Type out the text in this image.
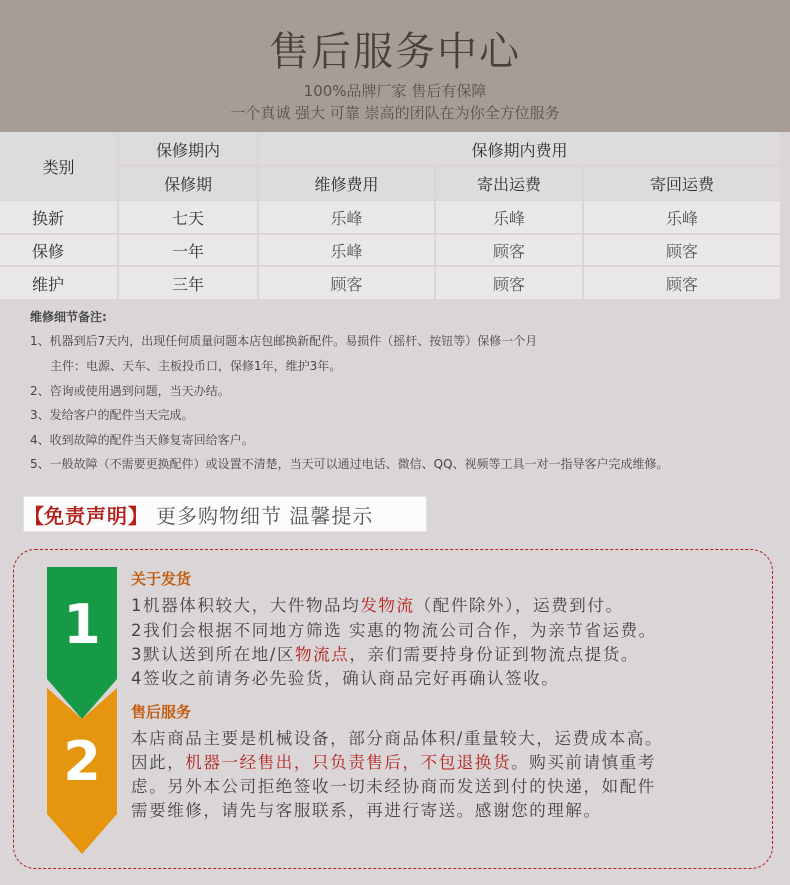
售后服务中心
100%品牌厂家 售后有保障
一个真诚 强大 可靠 崇高的团队在为你全方位服务
类别
保修期内	保修期内费用
保修期	维修费用	寄出运费	寄回运费
换新	七天	乐峰	乐峰	乐峰
保修	一年	乐峰	顾客	顾客
维护	三年	顾客	顾客	顾客
维修细节备注:
1、机器到后7天内，出现任何质量问题本店包邮换新配件。易损件（摇杆、按钮等）保修一个月
主件：电源、天车、主板投币口，保修1年，维护3年。
2、咨询或使用遇到问题，当天办结。
3、发给客户的配件当天完成。
4、收到故障的配件当天修复寄回给客户。
5、一般故障（不需要更换配件）或设置不清楚，当天可以通过电话、微信、QQ、视频等工具一对一指导客户完成维修。
【 免责声明 】 更多购物细节 温馨提示
1
2
关于发货
1机器体积较大，大件物品均发物流（配件除外），运费到付。
2我们会根据不同地方筛选 实惠的物流公司合作，为亲节省运费。
3默认送到所在地/区物流点，亲们需要持身份证到物流点提货。
4签收之前请务必先验货，确认商品完好再确认签收。
售后服务
本店商品主要是机械设备，部分商品体积/重量较大，运费成本高。
因此，机器一经售出，只负责售后，不包退换货。购买前请慎重考
虑。另外本公司拒绝签收一切未经协商而发送到付的快递，如配件
需要维修，请先与客服联系，再进行寄送。感谢您的理解。
